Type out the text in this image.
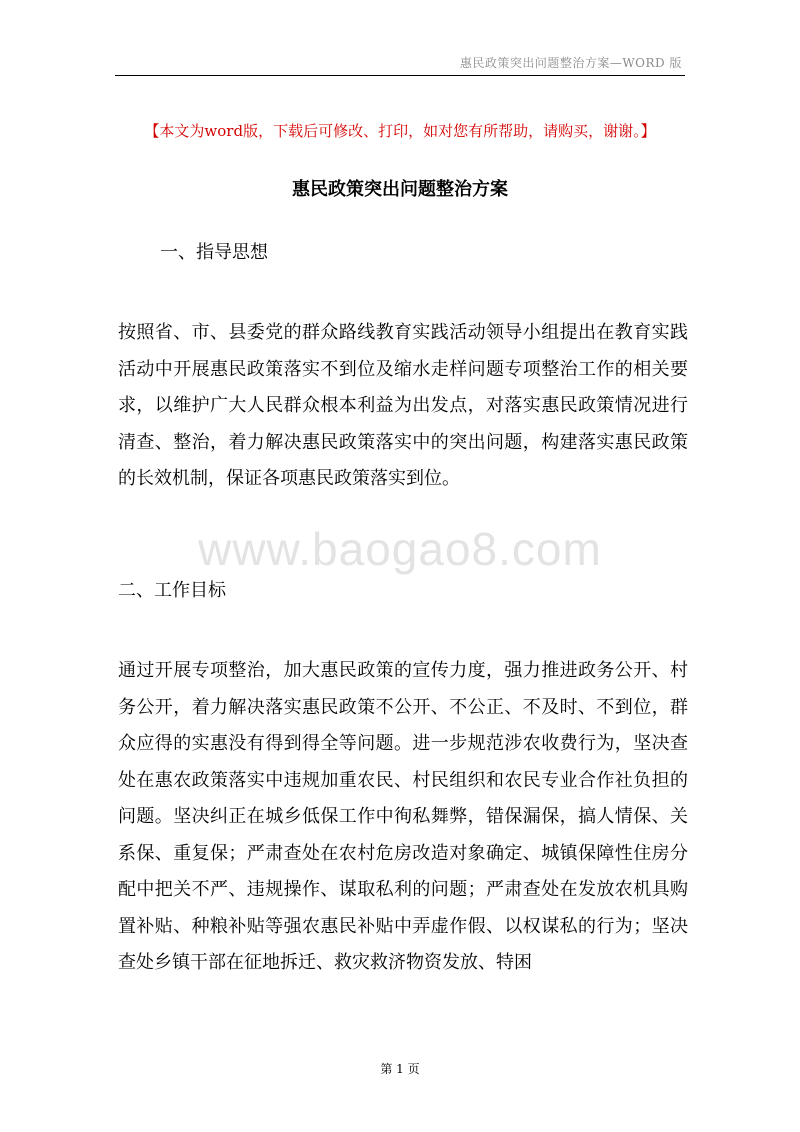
惠民政策突出问题整治方案—WORD 版
【本文为word版，下载后可修改、打印，如对您有所帮助，请购买，谢谢。】
惠民政策突出问题整治方案
一、指导思想

按照省、市、县委党的群众路线教育实践活动领导小组提出在教育实践活动中开展惠民政策落实不到位及缩水走样问题专项整治工作的相关要求，以维护广大人民群众根本利益为出发点，对落实惠民政策情况进行清查、整治，着力解决惠民政策落实中的突出问题，构建落实惠民政策的长效机制，保证各项惠民政策落实到位。

www.baogao8.com
二、工作目标

通过开展专项整治，加大惠民政策的宣传力度，强力推进政务公开、村务公开，着力解决落实惠民政策不公开、不公正、不及时、不到位，群众应得的实惠没有得到得全等问题。进一步规范涉农收费行为，坚决查处在惠农政策落实中违规加重农民、村民组织和农民专业合作社负担的问题。坚决纠正在城乡低保工作中徇私舞弊，错保漏保，搞人情保、关系保、重复保；严肃查处在农村危房改造对象确定、城镇保障性住房分配中把关不严、违规操作、谋取私利的问题；严肃查处在发放农机具购置补贴、种粮补贴等强农惠民补贴中弄虚作假、以权谋私的行为；坚决查处乡镇干部在征地拆迁、救灾救济物资发放、特困

第 1 页
